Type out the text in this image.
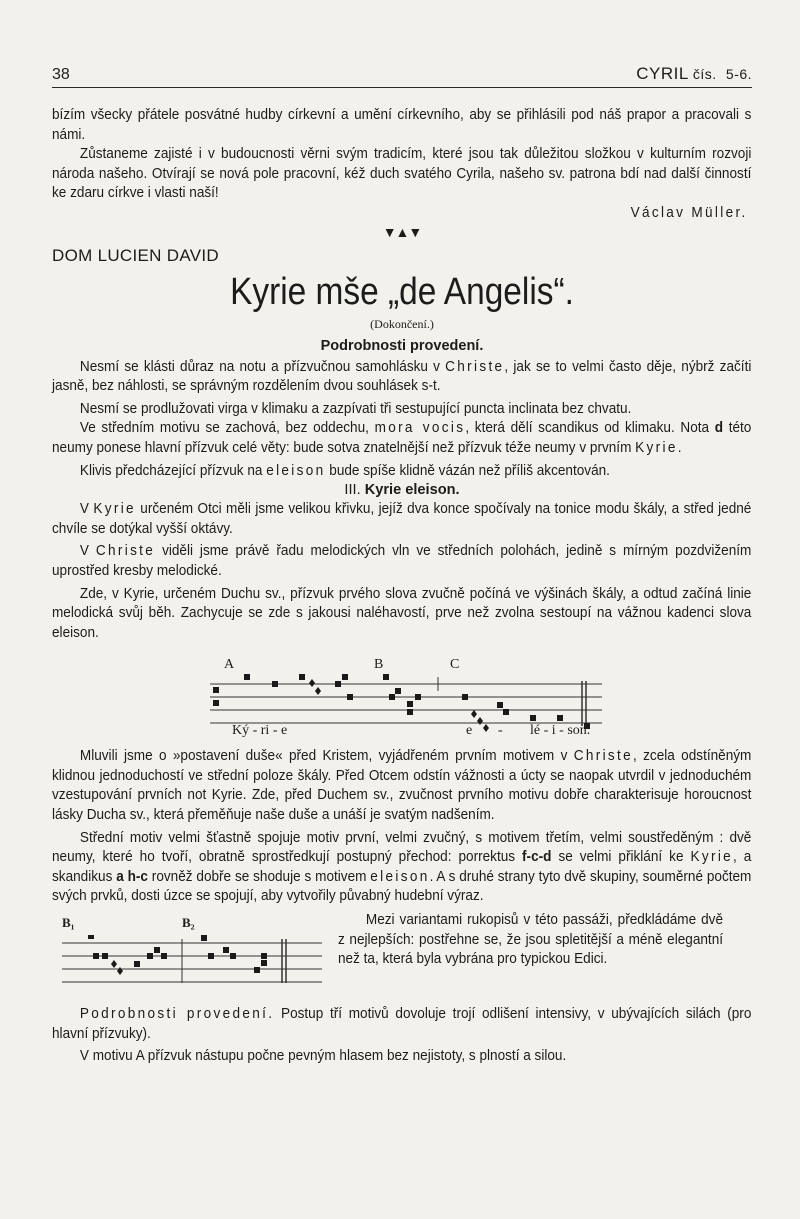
38	CYRIL čís. 5-6.

bízím všecky přátele posvátné hudby církevní a umění církevního, aby se přihlásili pod náš prapor a pracovali s námi.

Zůstaneme zajisté i v budoucnosti věrni svým tradicím, které jsou tak důležitou složkou v kulturním rozvoji národa našeho. Otvírají se nová pole pracovní, kéž duch svatého Cyrila, našeho sv. patrona bdí nad další činností ke zdaru církve i vlasti naší!

Václav Müller.

▼▲▼
DOM LUCIEN DAVID
Kyrie mše „de Angelis“.
(Dokončení.)
Podrobnosti provedení.

Nesmí se klásti důraz na notu a přízvučnou samohlásku v Christe, jak se to velmi často děje, nýbrž začíti jasně, bez náhlosti, se správným rozdělením dvou souhlásek s-t.

Nesmí se prodlužovati virga v klimaku a zazpívati tři sestupující puncta inclinata bez chvatu.

Ve středním motivu se zachová, bez oddechu, mora vocis, která dělí scandikus od klimaku. Nota d této neumy ponese hlavní přízvuk celé věty: bude sotva znatelnější než přízvuk téže neumy v prvním Kyrie.

Klivis předcházející přízvuk na eleison bude spíše klidně vázán než příliš akcentován.

III. Kyrie eleison.

V Kyrie určeném Otci měli jsme velikou křivku, jejíž dva konce spočívaly na tonice modu škály, a střed jedné chvíle se dotýkal vyšší oktávy.

V Christe viděli jsme právě řadu melodických vln ve středních polohách, jedině s mírným pozdvižením uprostřed kresby melodické.

Zde, v Kyrie, určeném Duchu sv., přízvuk prvého slova zvučně počíná ve výšinách škály, a odtud začíná linie melodická svůj běh. Zachycuje se zde s jakousi naléhavostí, prve než zvolna sestoupí na vážnou kadenci slova eleison.

A	B	C
Ký - ri - e	e - lé - i - son.

Mluvili jsme o »postavení duše« před Kristem, vyjádřeném prvním motivem v Christe, zcela odstíněným klidnou jednoduchostí ve střední poloze škály. Před Otcem odstín vážnosti a úcty se naopak utvrdil v jednoduchém vzestupování prvních not Kyrie. Zde, před Duchem sv., zvučnost prvního motivu dobře charakterisuje horoucnost lásky Ducha sv., která přeměňuje naše duše a unáší je svatým nadšením.

Střední motiv velmi šťastně spojuje motiv první, velmi zvučný, s motivem třetím, velmi soustředěným : dvě neumy, které ho tvoří, obratně sprostředkují postupný přechod: porrektus f-c-d se velmi přiklání ke Kyrie, a skandikus a h-c rovněž dobře se shoduje s motivem eleison. A s druhé strany tyto dvě skupiny, souměrné počtem svých prvků, dosti úzce se spojují, aby vytvořily půvabný hudební výraz.

B₁	B₂	Mezi variantami rukopisů v této passáži, předkládáme dvě z nejlepších: postřehne se, že jsou spletitější a méně elegantní než ta, která byla vybrána pro typickou Edici.

Podrobnosti provedení. Postup tří motivů dovoluje trojí odlišení intensivy, v ubývajících silách (pro hlavní přízvuky).

V motivu A přízvuk nástupu počne pevným hlasem bez nejistoty, s plností a silou.
